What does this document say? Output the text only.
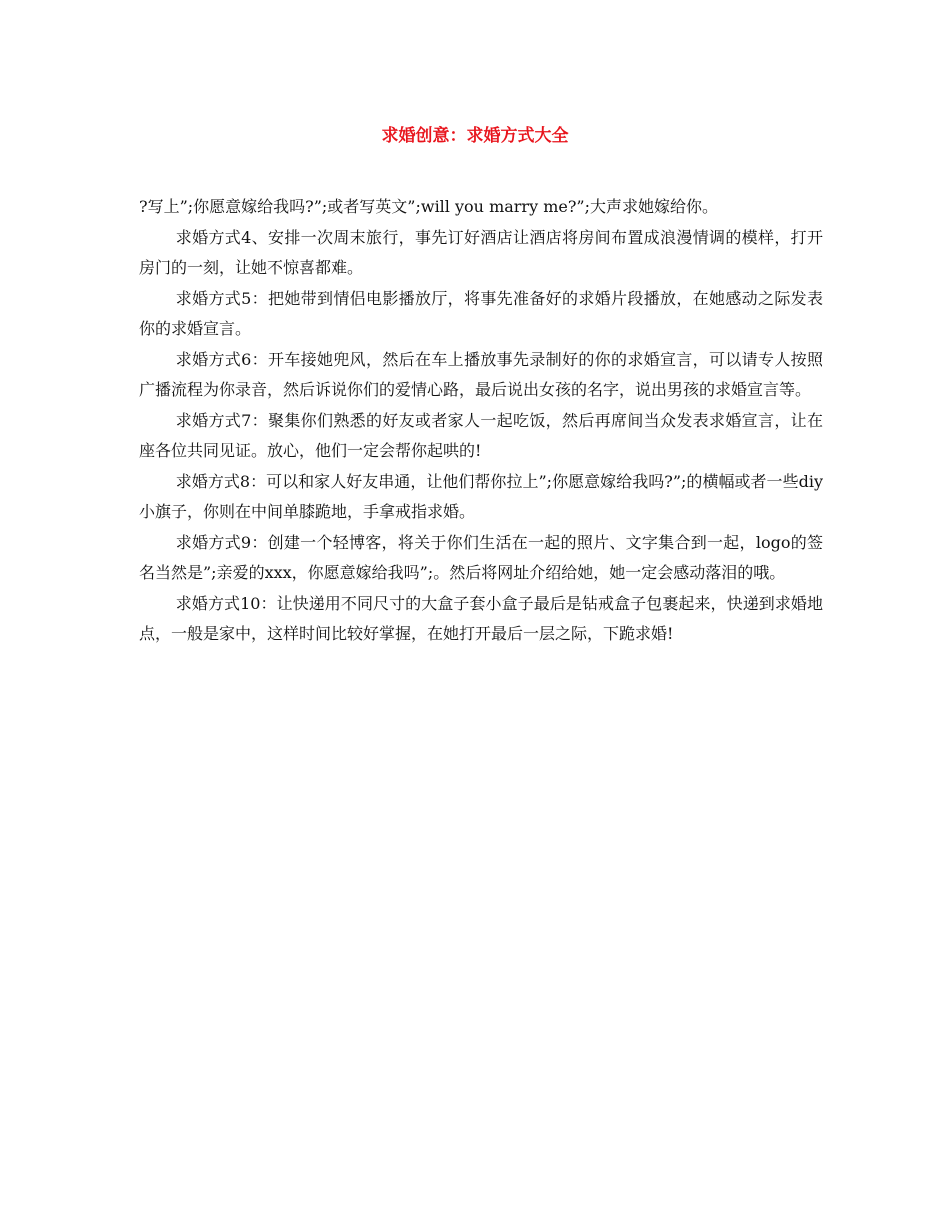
求婚创意：求婚方式大全

?写上”;你愿意嫁给我吗?”;或者写英文”;will you marry me?”;大声求她嫁给你。

求婚方式4、安排一次周末旅行，事先订好酒店让酒店将房间布置成浪漫情调的模样，打开房门的一刻，让她不惊喜都难。

求婚方式5：把她带到情侣电影播放厅，将事先准备好的求婚片段播放，在她感动之际发表你的求婚宣言。

求婚方式6：开车接她兜风，然后在车上播放事先录制好的你的求婚宣言，可以请专人按照广播流程为你录音，然后诉说你们的爱情心路，最后说出女孩的名字，说出男孩的求婚宣言等。

求婚方式7：聚集你们熟悉的好友或者家人一起吃饭，然后再席间当众发表求婚宣言，让在座各位共同见证。放心，他们一定会帮你起哄的!

求婚方式8：可以和家人好友串通，让他们帮你拉上”;你愿意嫁给我吗?”;的横幅或者一些diy小旗子，你则在中间单膝跪地，手拿戒指求婚。

求婚方式9：创建一个轻博客，将关于你们生活在一起的照片、文字集合到一起，logo的签名当然是”;亲爱的xxx，你愿意嫁给我吗”;。然后将网址介绍给她，她一定会感动落泪的哦。

求婚方式10：让快递用不同尺寸的大盒子套小盒子最后是钻戒盒子包裹起来，快递到求婚地点，一般是家中，这样时间比较好掌握，在她打开最后一层之际，下跪求婚!
